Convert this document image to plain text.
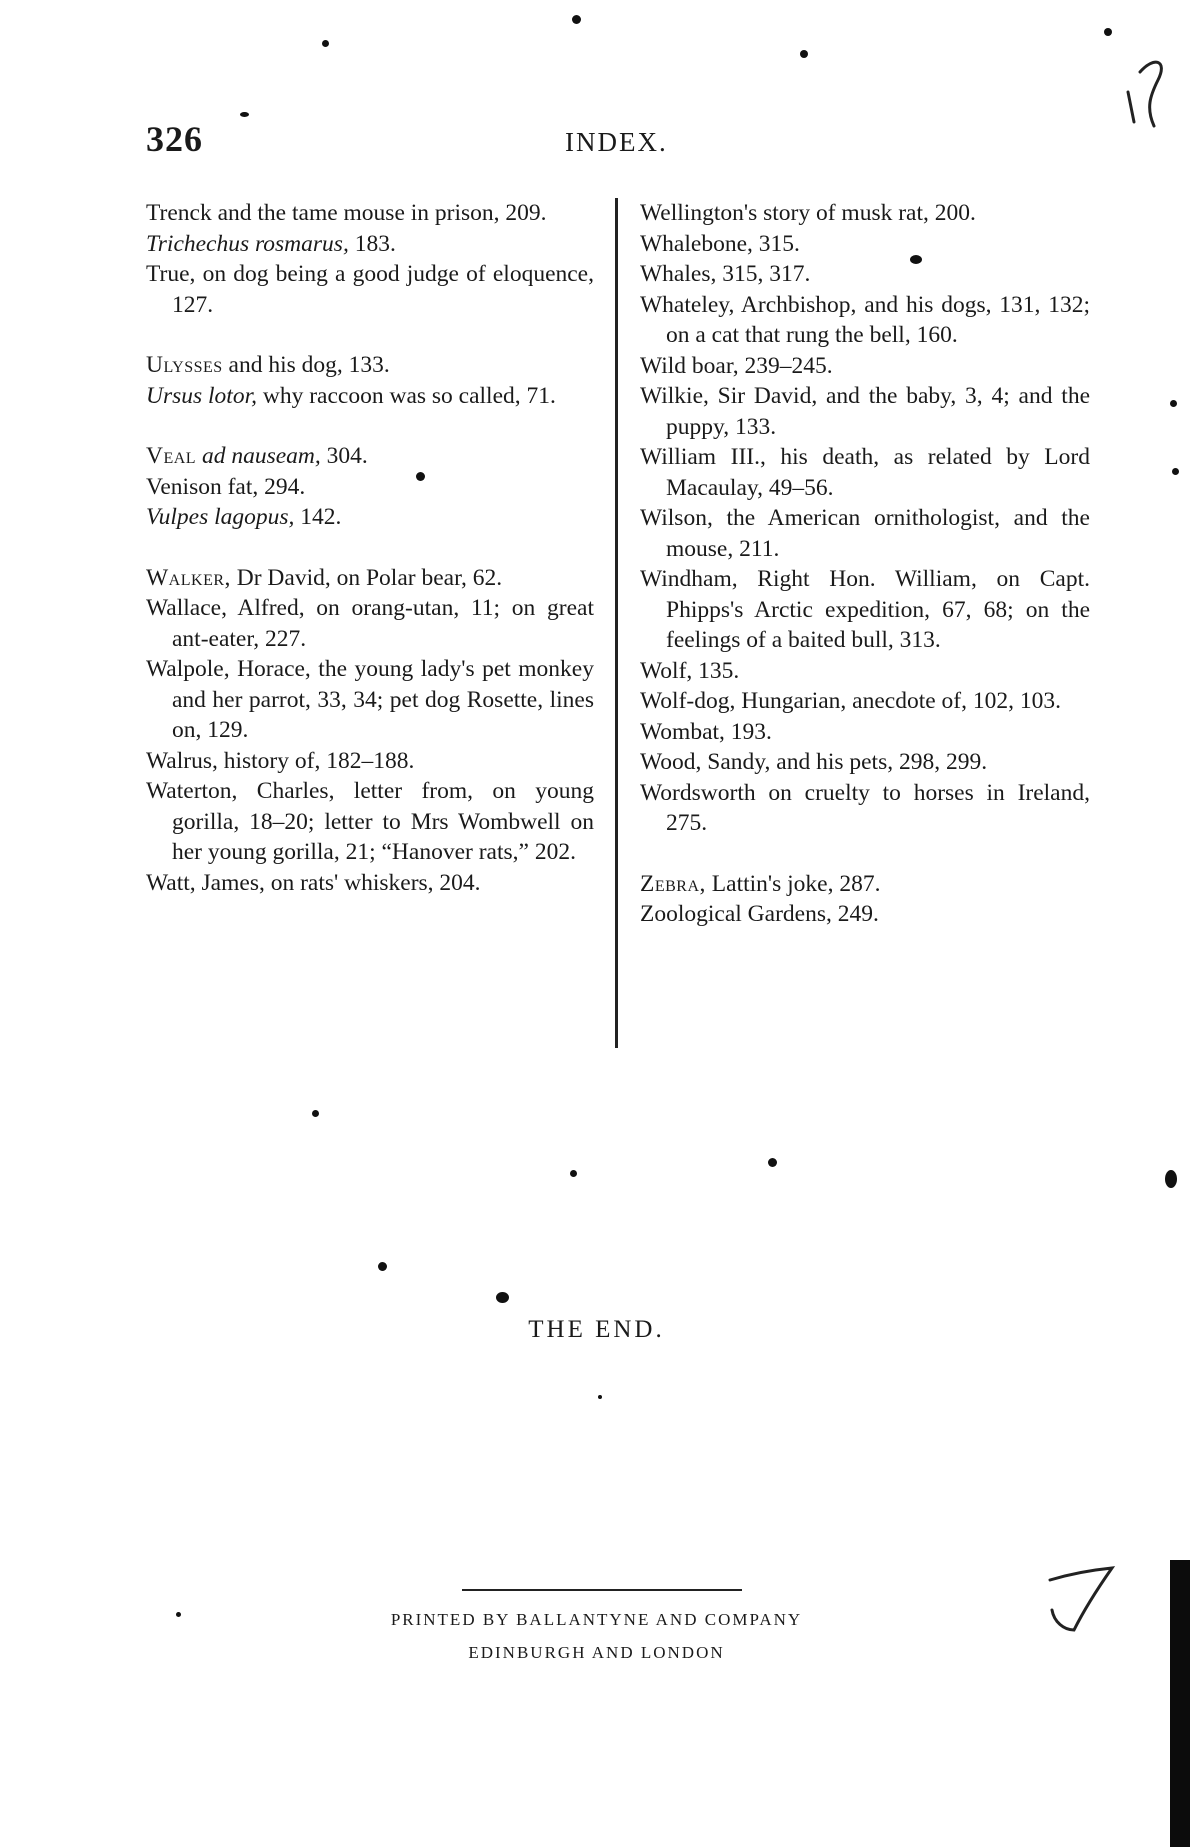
326	INDEX.

Trenck and the tame mouse in prison, 209.

Trichechus rosmarus, 183.

True, on dog being a good judge of eloquence, 127.

Ulysses and his dog, 133.

Ursus lotor, why raccoon was so called, 71.

Veal ad nauseam, 304.

Venison fat, 294.

Vulpes lagopus, 142.

Walker, Dr David, on Polar bear, 62.

Wallace, Alfred, on orang-utan, 11; on great ant-eater, 227.

Walpole, Horace, the young lady's pet monkey and her parrot, 33, 34; pet dog Rosette, lines on, 129.

Walrus, history of, 182–188.

Waterton, Charles, letter from, on young gorilla, 18–20; letter to Mrs Wombwell on her young gorilla, 21; “Hanover rats,” 202.

Watt, James, on rats' whiskers, 204.

Wellington's story of musk rat, 200.

Whalebone, 315.

Whales, 315, 317.

Whateley, Archbishop, and his dogs, 131, 132; on a cat that rung the bell, 160.

Wild boar, 239–245.

Wilkie, Sir David, and the baby, 3, 4; and the puppy, 133.

William III., his death, as related by Lord Macaulay, 49–56.

Wilson, the American ornithologist, and the mouse, 211.

Windham, Right Hon. William, on Capt. Phipps's Arctic expedition, 67, 68; on the feelings of a baited bull, 313.

Wolf, 135.

Wolf-dog, Hungarian, anecdote of, 102, 103.

Wombat, 193.

Wood, Sandy, and his pets, 298, 299.

Wordsworth on cruelty to horses in Ireland, 275.

Zebra, Lattin's joke, 287.

Zoological Gardens, 249.

THE END.
PRINTED BY BALLANTYNE AND COMPANY
EDINBURGH AND LONDON
